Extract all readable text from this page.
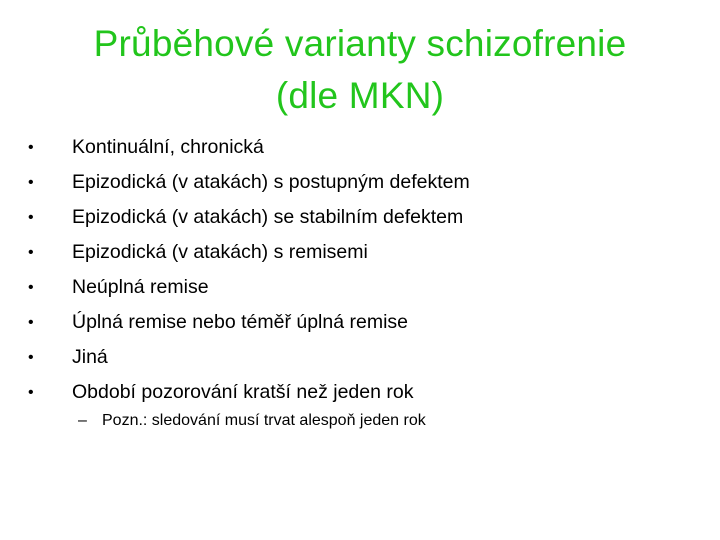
Průběhové varianty schizofrenie
(dle MKN)
•	Kontinuální, chronická
•	Epizodická (v atakách) s postupným defektem
•	Epizodická (v atakách) se stabilním defektem
•	Epizodická (v atakách) s remisemi
•	Neúplná remise
•	Úplná remise nebo téměř úplná remise
•	Jiná
•	Období pozorování kratší než jeden rok
– Pozn.: sledování musí trvat alespoň jeden rok
